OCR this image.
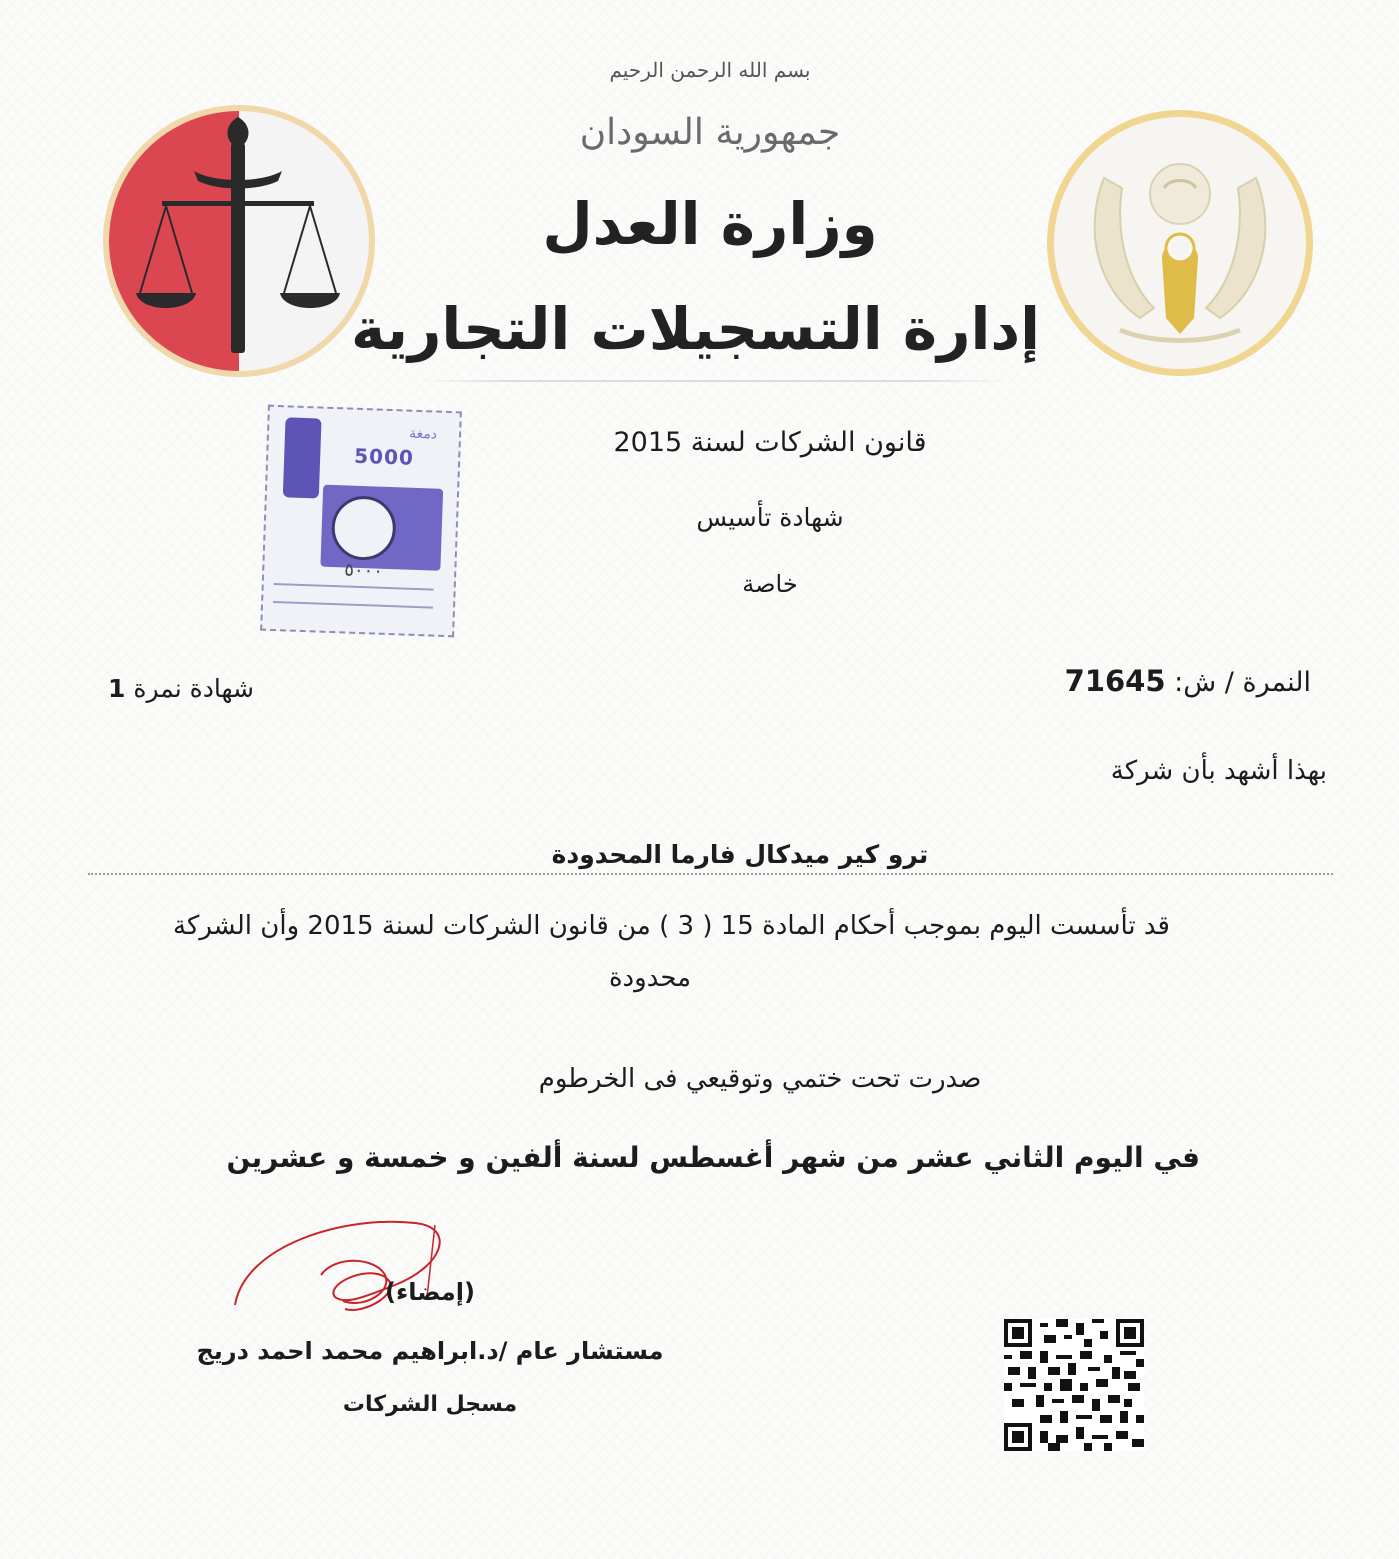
بسم الله الرحمن الرحيم
جمهورية السودان
وزارة العدل
إدارة التسجيلات التجارية
5000
دمغة
٥٠٠٠
قانون الشركات لسنة 2015
شهادة تأسيس
خاصة
النمرة / ش: 71645
شهادة نمرة 1
بهذا أشهد بأن شركة
ترو كير ميدكال فارما المحدودة
قد تأسست اليوم بموجب أحكام المادة 15 ( 3 ) من قانون الشركات لسنة 2015 وأن الشركة
محدودة
صدرت تحت ختمي وتوقيعي فى الخرطوم
في اليوم الثاني عشر من شهر أغسطس لسنة ألفين و خمسة و عشرين
(إمضاء)
مستشار عام /د.ابراهيم محمد احمد دريج
مسجل الشركات
